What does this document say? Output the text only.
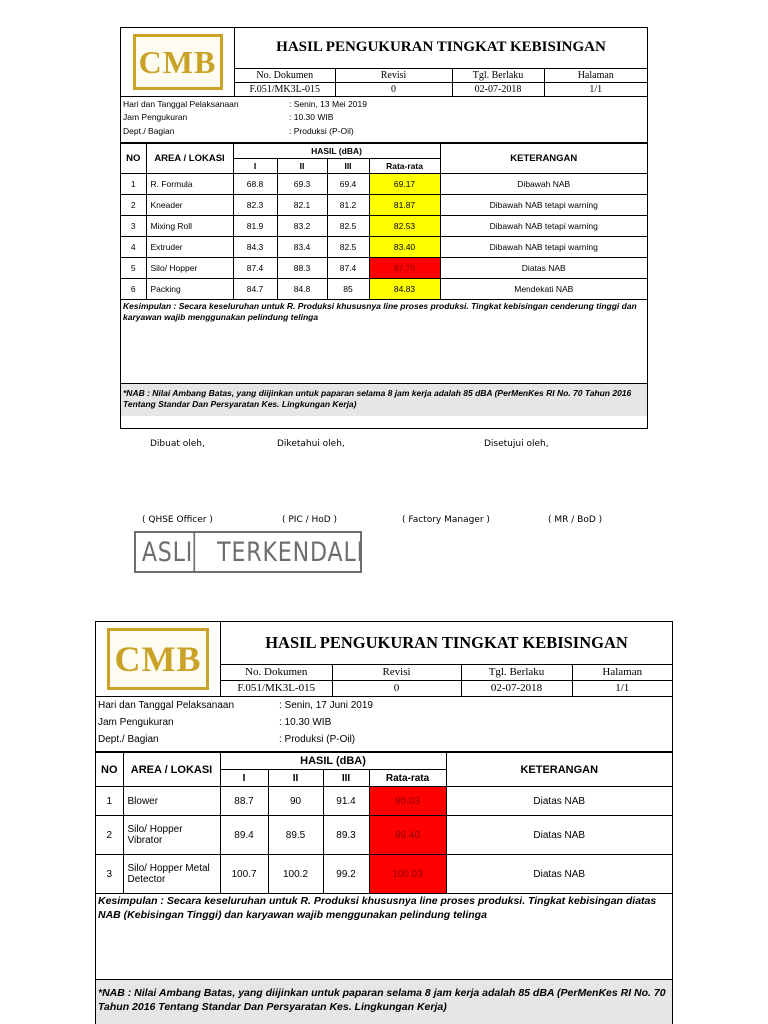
CMB	HASIL PENGUKURAN TINGKAT KEBISINGAN
No. Dokumen	Revisi	Tgl. Berlaku	Halaman
F.051/MK3L-015	0	02-07-2018	1/1
Hari dan Tanggal Pelaksanaan	: Senin, 13 Mei 2019
Jam Pengukuran	: 10.30 WIB
Dept./ Bagian	: Produksi (P-Oil)
NO	AREA / LOKASI	HASIL (dBA)				KETERANGAN
		I	II	III	Rata-rata	
1	R. Formula	68.8	69.3	69.4	69.17	Dibawah NAB
2	Kneader	82.3	82.1	81.2	81.87	Dibawah NAB tetapi warning
3	Mixing Roll	81.9	83.2	82.5	82.53	Dibawah NAB tetapi warning
4	Extruder	84.3	83.4	82.5	83.40	Dibawah NAB tetapi warning
5	Silo/ Hopper	87.4	88.3	87.4	87.70	Diatas NAB
6	Packing	84.7	84.8	85	84.83	Mendekati NAB
Kesimpulan : Secara keseluruhan untuk R. Produksi khususnya line proses produksi. Tingkat kebisingan cenderung tinggi dan karyawan wajib menggunakan pelindung telinga
*NAB : Nilai Ambang Batas, yang diijinkan untuk paparan selama 8 jam kerja adalah 85 dBA (PerMenKes RI No. 70 Tahun 2016 Tentang Standar Dan Persyaratan Kes. Lingkungan Kerja)
Dibuat oleh,	Diketahui oleh,	Disetujui oleh,
( QHSE Officer )	( PIC / HoD )	( Factory Manager )	( MR / BoD )
ASLI TERKENDALI
CMB	HASIL PENGUKURAN TINGKAT KEBISINGAN
No. Dokumen	Revisi	Tgl. Berlaku	Halaman
F.051/MK3L-015	0	02-07-2018	1/1
Hari dan Tanggal Pelaksanaan	: Senin, 17 Juni 2019
Jam Pengukuran	: 10.30 WIB
Dept./ Bagian	: Produksi (P-Oil)
NO	AREA / LOKASI	HASIL (dBA)				KETERANGAN
		I	II	III	Rata-rata	
1	Blower	88.7	90	91.4	90.03	Diatas NAB
2	Silo/ Hopper Vibrator	89.4	89.5	89.3	89.40	Diatas NAB
3	Silo/ Hopper Metal Detector	100.7	100.2	99.2	100.03	Diatas NAB
Kesimpulan : Secara keseluruhan untuk R. Produksi khususnya line proses produksi. Tingkat kebisingan diatas NAB (Kebisingan Tinggi) dan karyawan wajib menggunakan pelindung telinga
*NAB : Nilai Ambang Batas, yang diijinkan untuk paparan selama 8 jam kerja adalah 85 dBA (PerMenKes RI No. 70 Tahun 2016 Tentang Standar Dan Persyaratan Kes. Lingkungan Kerja)
